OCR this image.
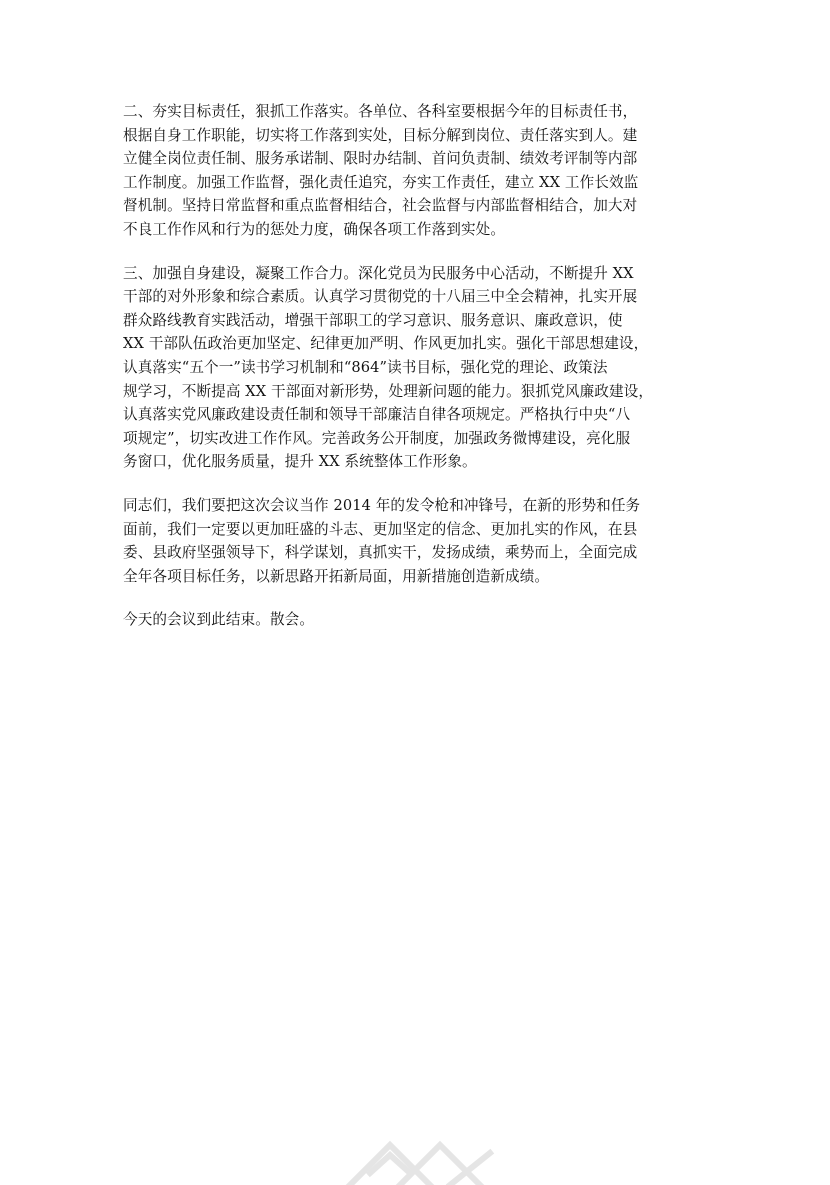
二、夯实目标责任，狠抓工作落实。各单位、各科室要根据今年的目标责任书，
根据自身工作职能，切实将工作落到实处，目标分解到岗位、责任落实到人。建
立健全岗位责任制、服务承诺制、限时办结制、首问负责制、绩效考评制等内部
工作制度。加强工作监督，强化责任追究，夯实工作责任，建立 XX 工作长效监
督机制。坚持日常监督和重点监督相结合，社会监督与内部监督相结合，加大对
不良工作作风和行为的惩处力度，确保各项工作落到实处。
三、加强自身建设，凝聚工作合力。深化党员为民服务中心活动，不断提升 XX
干部的对外形象和综合素质。认真学习贯彻党的十八届三中全会精神，扎实开展
群众路线教育实践活动，增强干部职工的学习意识、服务意识、廉政意识，使
XX 干部队伍政治更加坚定、纪律更加严明、作风更加扎实。强化干部思想建设，
认真落实“五个一”读书学习机制和“864”读书目标，强化党的理论、政策法
规学习，不断提高 XX 干部面对新形势，处理新问题的能力。狠抓党风廉政建设，
认真落实党风廉政建设责任制和领导干部廉洁自律各项规定。严格执行中央“八
项规定”，切实改进工作作风。完善政务公开制度，加强政务微博建设，亮化服
务窗口，优化服务质量，提升 XX 系统整体工作形象。
同志们，我们要把这次会议当作 2014 年的发令枪和冲锋号，在新的形势和任务
面前，我们一定要以更加旺盛的斗志、更加坚定的信念、更加扎实的作风，在县
委、县政府坚强领导下，科学谋划，真抓实干，发扬成绩，乘势而上，全面完成
全年各项目标任务，以新思路开拓新局面，用新措施创造新成绩。
今天的会议到此结束。散会。
